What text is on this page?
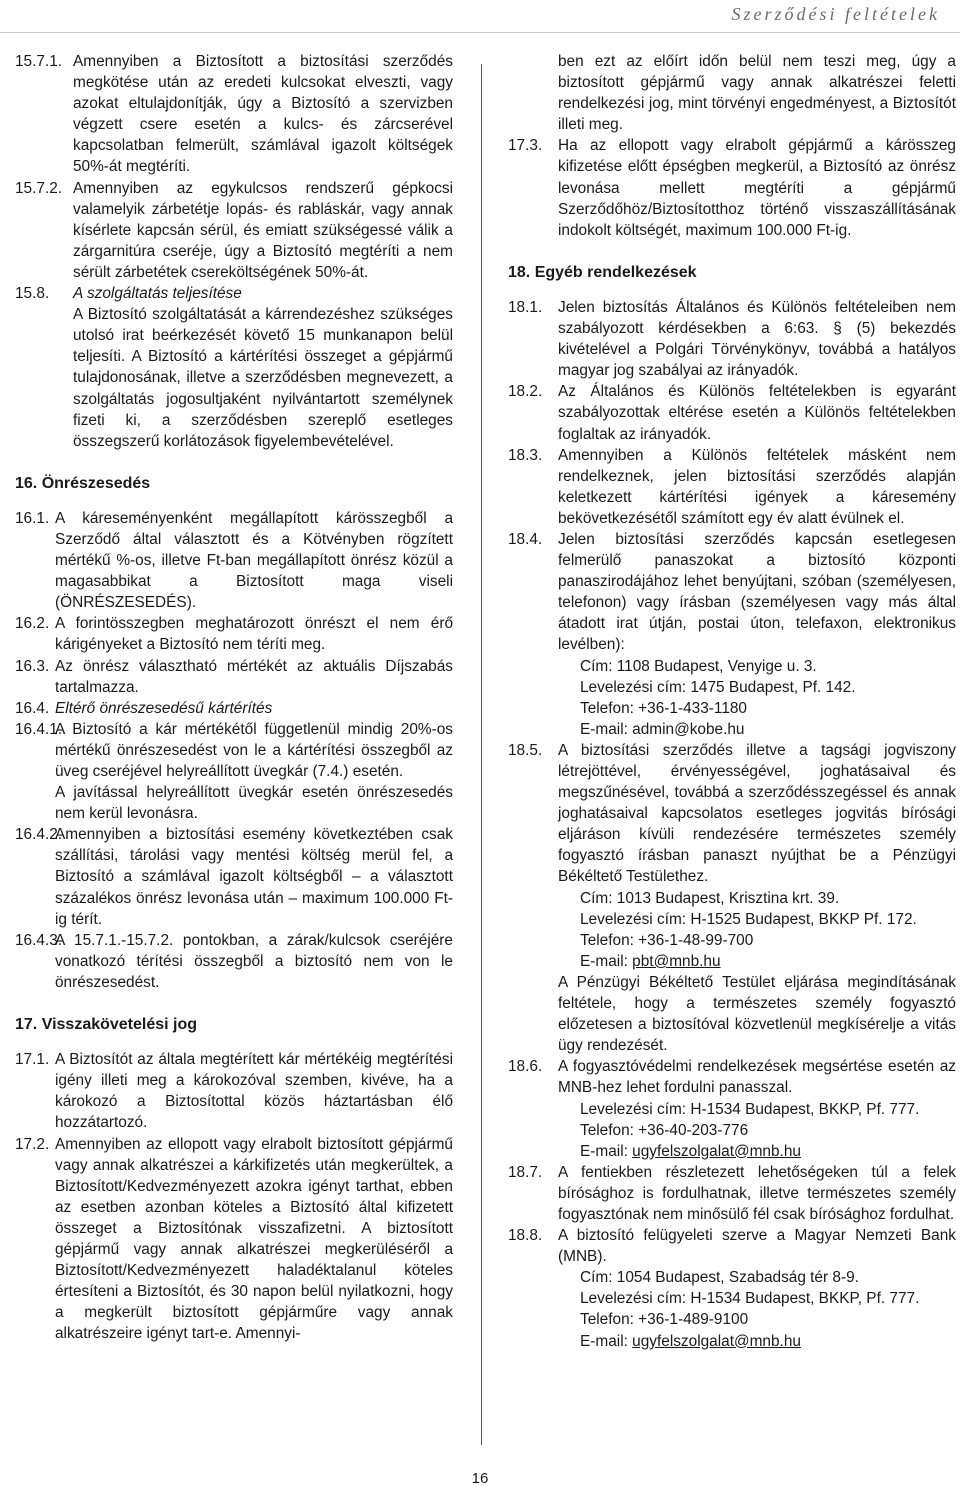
Szerződési feltételek
15.7.1. Amennyiben a Biztosított a biztosítási szerződés megkötése után az eredeti kulcsokat elveszti, vagy azokat eltulajdonítják, úgy a Biztosító a szervizben végzett csere esetén a kulcs- és zárcserével kapcsolatban felmerült, számlával igazolt költségek 50%-át megtéríti.
15.7.2. Amennyiben az egykulcsos rendszerű gépkocsi valamelyik zárbetétje lopás- és rabláskár, vagy annak kísérlete kapcsán sérül, és emiatt szükségessé válik a zárgarnitúra cseréje, úgy a Biztosító megtéríti a nem sérült zárbetétek csereköltségének 50%-át.
15.8.	A szolgáltatás teljesítése
A Biztosító szolgáltatását a kárrendezéshez szükséges utolsó irat beérkezését követő 15 munkanapon belül teljesíti. A Biztosító a kártérítési összeget a gépjármű tulajdonosának, illetve a szerződésben megnevezett, a szolgáltatás jogosultjaként nyilvántartott személynek fizeti ki, a szerződésben szereplő esetleges összegszerű korlátozások figyelembevételével.
16. Önrészesedés
16.1. A káreseményenként megállapított kárösszegből a Szerződő által választott és a Kötvényben rögzített mértékű %-os, illetve Ft-ban megállapított önrész közül a magasabbikat a Biztosított maga viseli (ÖNRÉSZESEDÉS).
16.2. A forintösszegben meghatározott önrészt el nem érő kárigényeket a Biztosító nem téríti meg.
16.3. Az önrész választható mértékét az aktuális Díjszabás tartalmazza.
16.4. Eltérő önrészesedésű kártérítés
16.4.1.
A Biztosító a kár mértékétől függetlenül mindig 20%-os mértékű önrészesedést von le a kártérítési összegből az üveg cseréjével helyreállított üvegkár (7.4.) esetén.
A javítással helyreállított üvegkár esetén önrészesedés nem kerül levonásra.
16.4.2.
Amennyiben a biztosítási esemény következtében csak szállítási, tárolási vagy mentési költség merül fel, a Biztosító a számlával igazolt költségből – a választott százalékos önrész levonása után – maximum 100.000 Ft-ig térít.
16.4.3.
A 15.7.1.-15.7.2. pontokban, a zárak/kulcsok cseréjére vonatkozó térítési összegből a biztosító nem von le önrészesedést.
17. Visszakövetelési jog
17.1. A Biztosítót az általa megtérített kár mértékéig megtérítési igény illeti meg a károkozóval szemben, kivéve, ha a károkozó a Biztosítottal közös háztartásban élő hozzátartozó.
17.2. Amennyiben az ellopott vagy elrabolt biztosított gépjármű vagy annak alkatrészei a kárkifizetés után megkerültek, a Biztosított/Kedvezményezett azokra igényt tarthat, ebben az esetben azonban köteles a Biztosító által kifizetett összeget a Biztosítónak visszafizetni. A biztosított gépjármű vagy annak alkatrészei megkerüléséről a Biztosított/Kedvezményezett haladéktalanul köteles értesíteni a Biztosítót, és 30 napon belül nyilatkozni, hogy a megkerült biztosított gépjárműre vagy annak alkatrészeire igényt tart-e. Amennyi-
ben ezt az előírt időn belül nem teszi meg, úgy a biztosított gépjármű vagy annak alkatrészei feletti rendelkezési jog, mint törvényi engedményest, a Biztosítót illeti meg.
17.3.	Ha az ellopott vagy elrabolt gépjármű a kárösszeg kifizetése előtt épségben megkerül, a Biztosító az önrész levonása mellett megtéríti a gépjármű Szerződőhöz/Biztosítotthoz történő visszaszállításának indokolt költségét, maximum 100.000 Ft-ig.
18. Egyéb rendelkezések
18.1.	Jelen biztosítás Általános és Különös feltételeiben nem szabályozott kérdésekben a 6:63. § (5) bekezdés kivételével a Polgári Törvénykönyv, továbbá a hatályos magyar jog szabályai az irányadók.
18.2.	Az Általános és Különös feltételekben is egyaránt szabályozottak eltérése esetén a Különös feltételekben foglaltak az irányadók.
18.3.	Amennyiben a Különös feltételek másként nem rendelkeznek, jelen biztosítási szerződés alapján keletkezett kártérítési igények a káresemény bekövetkezésétől számított egy év alatt évülnek el.
18.4.	Jelen biztosítási szerződés kapcsán esetlegesen felmerülő panaszokat a biztosító központi panaszirodájához lehet benyújtani, szóban (személyesen, telefonon) vagy írásban (személyesen vagy más által átadott irat útján, postai úton, telefaxon, elektronikus levélben):
Cím: 1108 Budapest, Venyige u. 3.
Levelezési cím: 1475 Budapest, Pf. 142.
Telefon: +36-1-433-1180
E-mail: admin@kobe.hu
18.5.	A biztosítási szerződés illetve a tagsági jogviszony létrejöttével, érvényességével, joghatásaival és megszűnésével, továbbá a szerződésszegéssel és annak joghatásaival kapcsolatos esetleges jogvitás bírósági eljáráson kívüli rendezésére természetes személy fogyasztó írásban panaszt nyújthat be a Pénzügyi Békéltető Testülethez.
Cím: 1013 Budapest, Krisztina krt. 39.
Levelezési cím: H-1525 Budapest, BKKP Pf. 172.
Telefon: +36-1-48-99-700
E-mail: pbt@mnb.hu
A Pénzügyi Békéltető Testület eljárása megindításának feltétele, hogy a természetes személy fogyasztó előzetesen a biztosítóval közvetlenül megkísérelje a vitás ügy rendezését.
18.6.	A fogyasztóvédelmi rendelkezések megsértése esetén az MNB-hez lehet fordulni panasszal.
Levelezési cím: H-1534 Budapest, BKKP, Pf. 777.
Telefon: +36-40-203-776
E-mail: ugyfelszolgalat@mnb.hu
18.7.	A fentiekben részletezett lehetőségeken túl a felek bírósághoz is fordulhatnak, illetve természetes személy fogyasztónak nem minősülő fél csak bírósághoz fordulhat.
18.8.	A biztosító felügyeleti szerve a Magyar Nemzeti Bank (MNB).
Cím: 1054 Budapest, Szabadság tér 8-9.
Levelezési cím: H-1534 Budapest, BKKP, Pf. 777.
Telefon: +36-1-489-9100
E-mail: ugyfelszolgalat@mnb.hu
16
